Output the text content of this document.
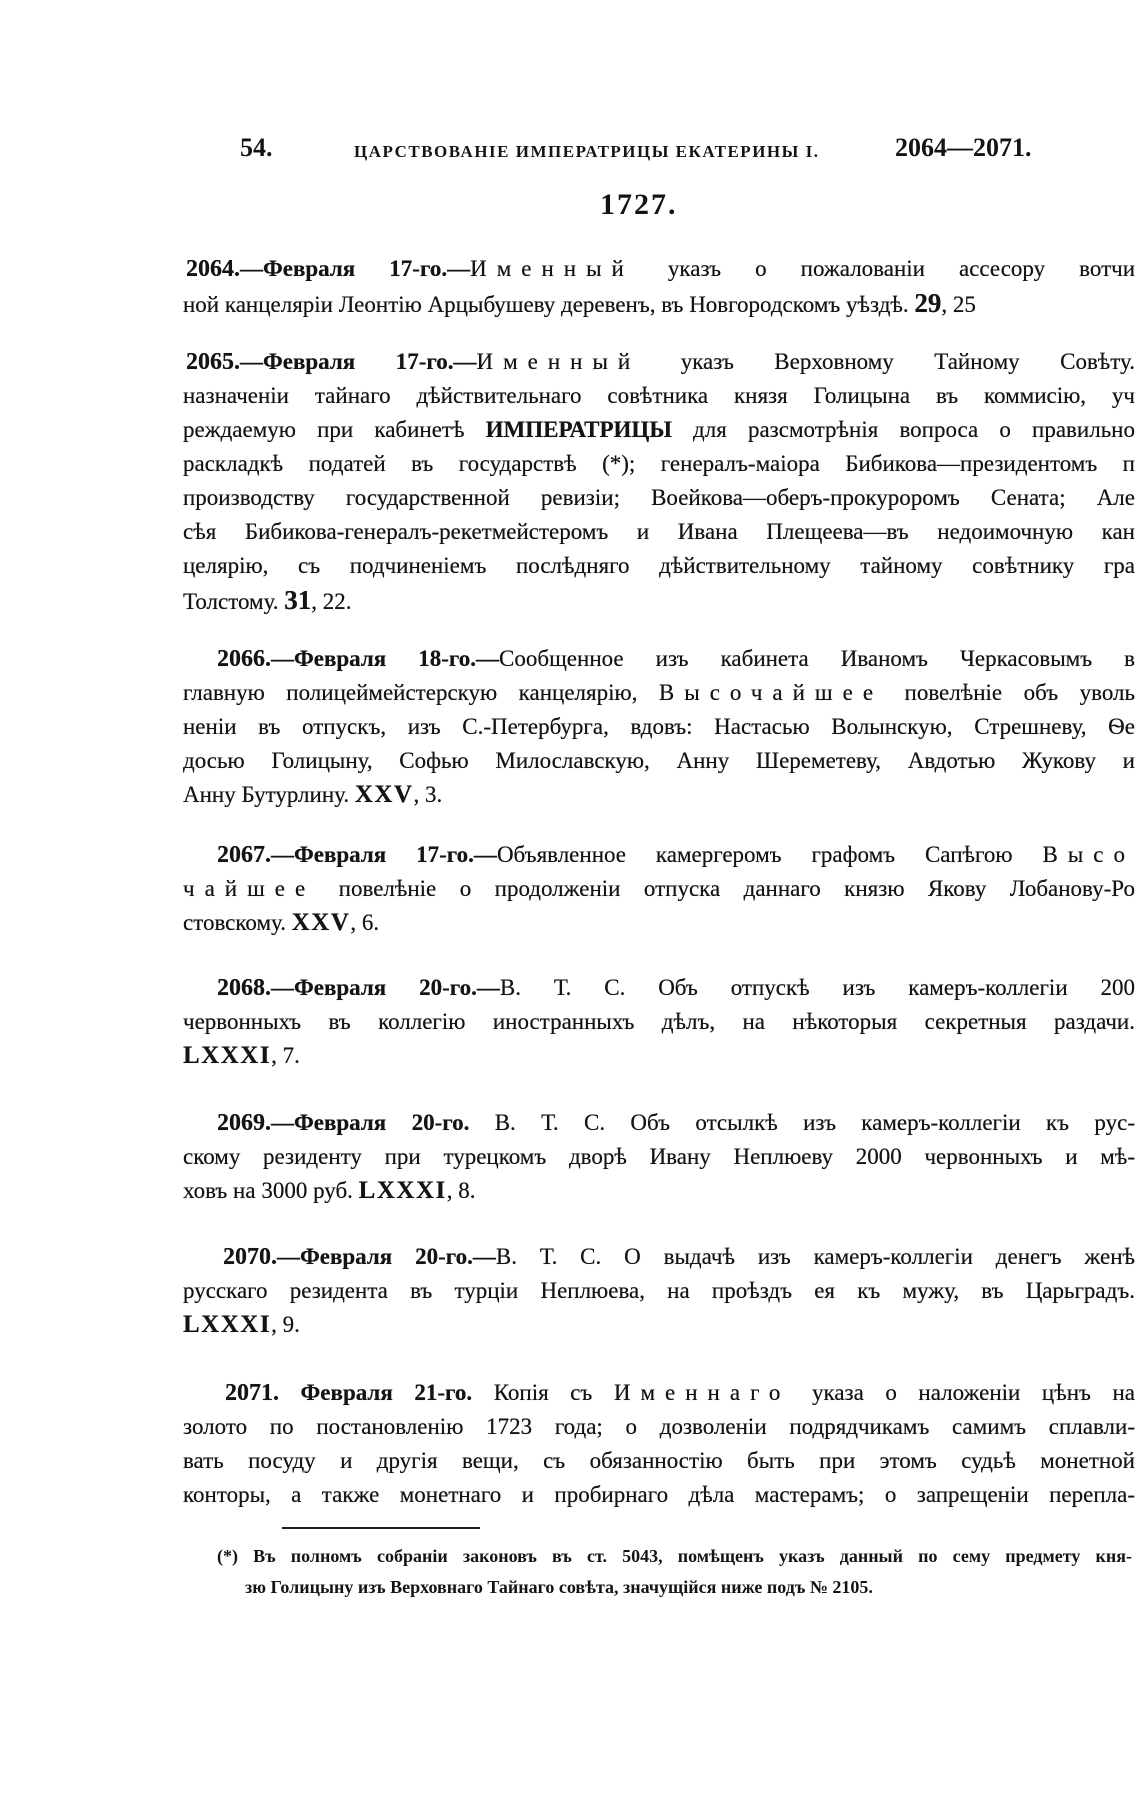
54.	ЦАРСТВОВАНІЕ ИМПЕРАТРИЦЫ ЕКАТЕРИНЫ I.	2064—2071.
1727.
2064.—Февраля 17-го.—Именный указъ о пожалованіи ассесору вотчи
ной канцеляріи Леонтію Арцыбушеву деревенъ, въ Новгородскомъ уѣздѣ. 29, 25
2065.—Февраля 17-го.—Именный указъ Верховному Тайному Совѣту.
назначеніи тайнаго дѣйствительнаго совѣтника князя Голицына въ коммисію, уч
реждаемую при кабинетѣ ИМПЕРАТРИЦЫ для разсмотрѣнія вопроса о правильно
раскладкѣ податей въ государствѣ (*); генералъ-маіора Бибикова—президентомъ п
производству государственной ревизіи; Воейкова—оберъ-прокуроромъ Сената; Але
сѣя Бибикова-генералъ-рекетмейстеромъ и Ивана Плещеева—въ недоимочную кан
целярію, съ подчиненіемъ послѣдняго дѣйствительному тайному совѣтнику гра
Толстому. 31, 22.
2066.—Февраля 18-го.—Сообщенное изъ кабинета Иваномъ Черкасовымъ в
главную полицеймейстерскую канцелярію, Высочайшее повелѣніе объ уволь
неніи въ отпускъ, изъ С.-Петербурга, вдовъ: Настасью Волынскую, Стрешневу, Ѳе
досью Голицыну, Софью Милославскую, Анну Шереметеву, Авдотью Жукову и
Анну Бутурлину. XXV, 3.
2067.—Февраля 17-го.—Объявленное камергеромъ графомъ Сапѣгою Высо
чайшее повелѣніе о продолженіи отпуска даннаго князю Якову Лобанову-Ро
стовскому. XXV, 6.
2068.—Февраля 20-го.—В. Т. С. Объ отпускѣ изъ камеръ-коллегіи 200
червонныхъ въ коллегію иностранныхъ дѣлъ, на нѣкоторыя секретныя раздачи.
LXXXI, 7.
2069.—Февраля 20-го. В. Т. С. Объ отсылкѣ изъ камеръ-коллегіи къ рус-
скому резиденту при турецкомъ дворѣ Ивану Неплюеву 2000 червонныхъ и мѣ-
ховъ на 3000 руб. LXXXI, 8.
2070.—Февраля 20-го.—В. Т. С. О выдачѣ изъ камеръ-коллегіи денегъ женѣ
русскаго резидента въ турціи Неплюева, на проѣздъ ея къ мужу, въ Царьградъ.
LXXXI, 9.
2071. Февраля 21-го. Копія съ Именнаго указа о наложеніи цѣнъ на
золото по постановленію 1723 года; о дозволеніи подрядчикамъ самимъ сплавли-
вать посуду и другія вещи, съ обязанностію быть при этомъ судьѣ монетной
конторы, а также монетнаго и пробирнаго дѣла мастерамъ; о запрещеніи перепла-
(*) Въ полномъ собраніи законовъ въ ст. 5043, помѣщенъ указъ данный по сему предмету кня-
зю Голицыну изъ Верховнаго Тайнаго совѣта, значущійся ниже подъ № 2105.
